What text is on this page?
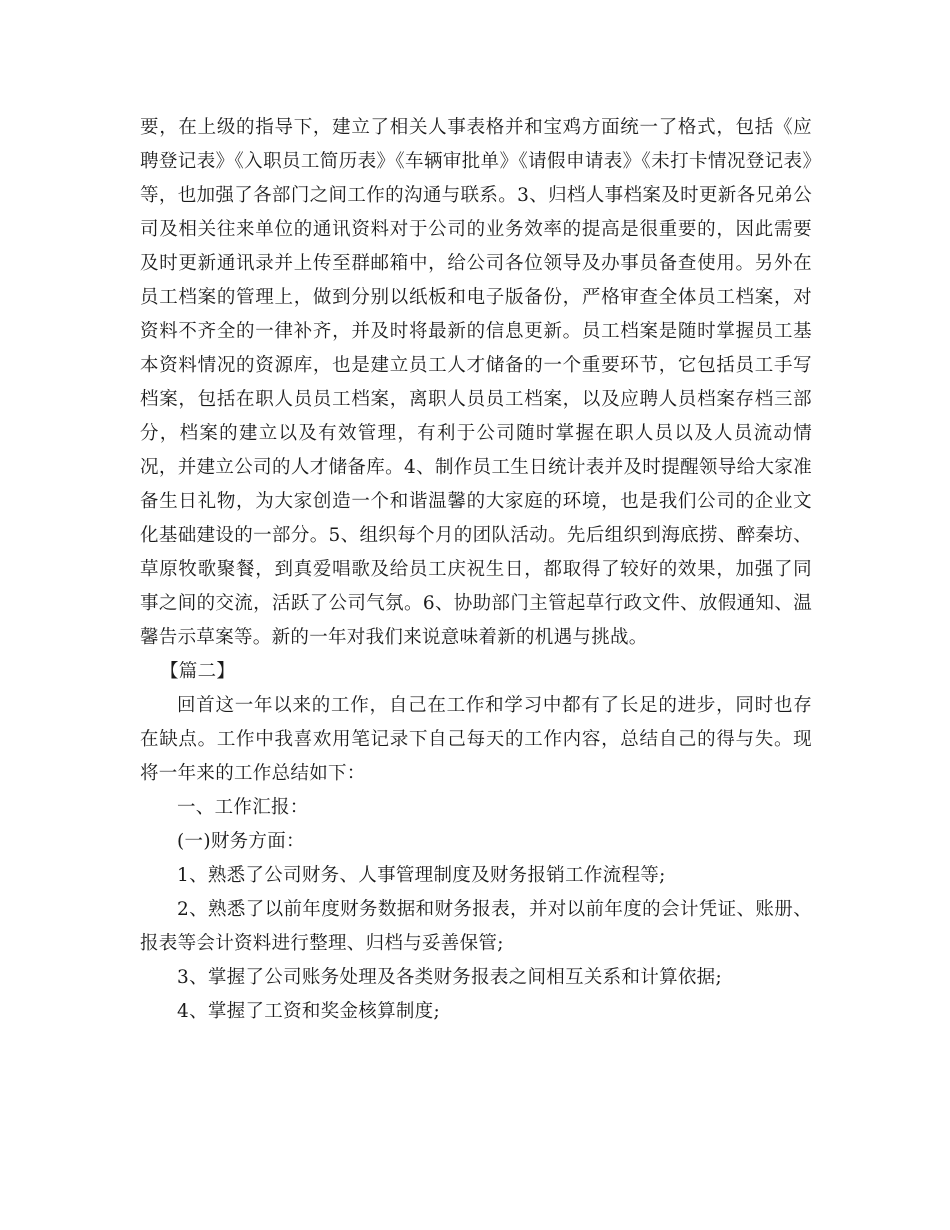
要，在上级的指导下，建立了相关人事表格并和宝鸡方面统一了格式，包括《应聘登记表》《入职员工简历表》《车辆审批单》《请假申请表》《未打卡情况登记表》等，也加强了各部门之间工作的沟通与联系。3、归档人事档案及时更新各兄弟公司及相关往来单位的通讯资料对于公司的业务效率的提高是很重要的，因此需要及时更新通讯录并上传至群邮箱中，给公司各位领导及办事员备查使用。另外在员工档案的管理上，做到分别以纸板和电子版备份，严格审查全体员工档案，对资料不齐全的一律补齐，并及时将最新的信息更新。员工档案是随时掌握员工基本资料情况的资源库，也是建立员工人才储备的一个重要环节，它包括员工手写档案，包括在职人员员工档案，离职人员员工档案，以及应聘人员档案存档三部分，档案的建立以及有效管理，有利于公司随时掌握在职人员以及人员流动情况，并建立公司的人才储备库。4、制作员工生日统计表并及时提醒领导给大家准备生日礼物，为大家创造一个和谐温馨的大家庭的环境，也是我们公司的企业文化基础建设的一部分。5、组织每个月的团队活动。先后组织到海底捞、醉秦坊、草原牧歌聚餐，到真爱唱歌及给员工庆祝生日，都取得了较好的效果，加强了同事之间的交流，活跃了公司气氛。6、协助部门主管起草行政文件、放假通知、温馨告示草案等。新的一年对我们来说意味着新的机遇与挑战。

【篇二】

回首这一年以来的工作，自己在工作和学习中都有了长足的进步，同时也存在缺点。工作中我喜欢用笔记录下自己每天的工作内容，总结自己的得与失。现将一年来的工作总结如下：

一、工作汇报：

(一)财务方面：

1、熟悉了公司财务、人事管理制度及财务报销工作流程等;

2、熟悉了以前年度财务数据和财务报表，并对以前年度的会计凭证、账册、报表等会计资料进行整理、归档与妥善保管;

3、掌握了公司账务处理及各类财务报表之间相互关系和计算依据;

4、掌握了工资和奖金核算制度;
